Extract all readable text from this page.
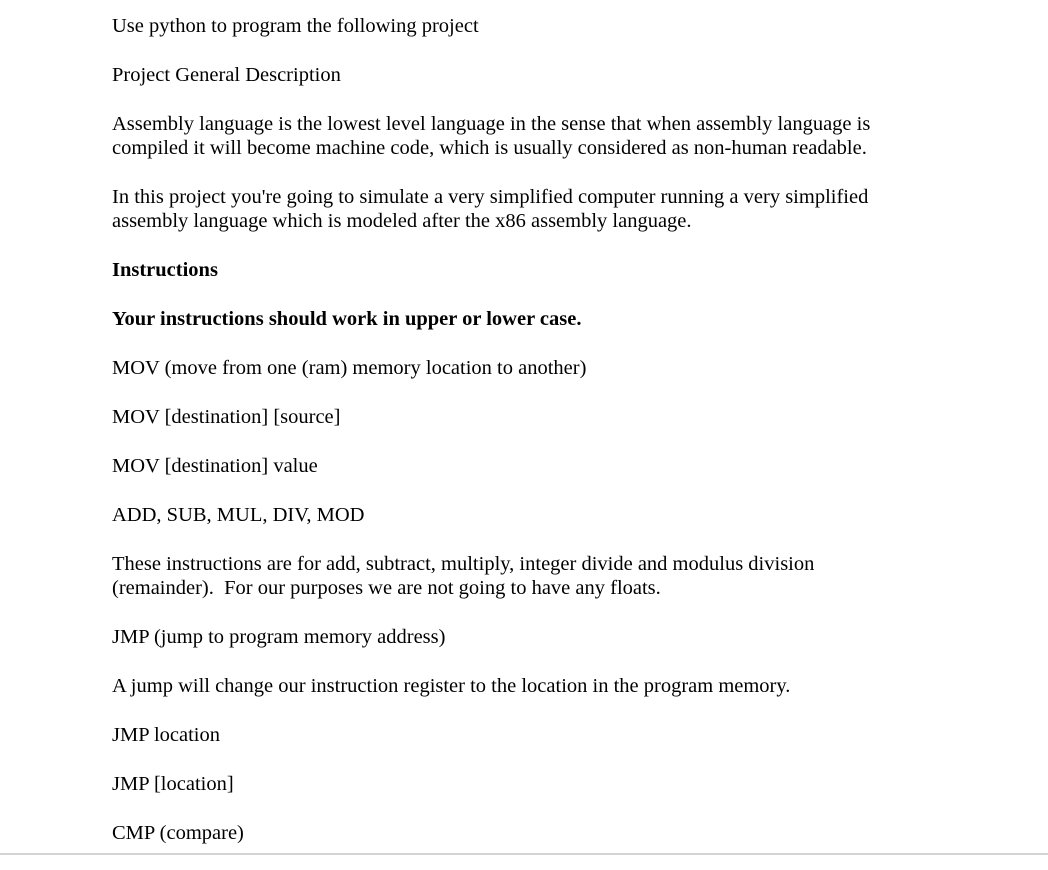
Use python to program the following project

Project General Description

Assembly language is the lowest level language in the sense that when assembly language is
compiled it will become machine code, which is usually considered as non-human readable.

In this project you're going to simulate a very simplified computer running a very simplified
assembly language which is modeled after the x86 assembly language.

Instructions

Your instructions should work in upper or lower case.

MOV (move from one (ram) memory location to another)

MOV [destination] [source]

MOV [destination] value

ADD, SUB, MUL, DIV, MOD

These instructions are for add, subtract, multiply, integer divide and modulus division
(remainder).  For our purposes we are not going to have any floats.

JMP (jump to program memory address)

A jump will change our instruction register to the location in the program memory.

JMP location

JMP [location]

CMP (compare)
